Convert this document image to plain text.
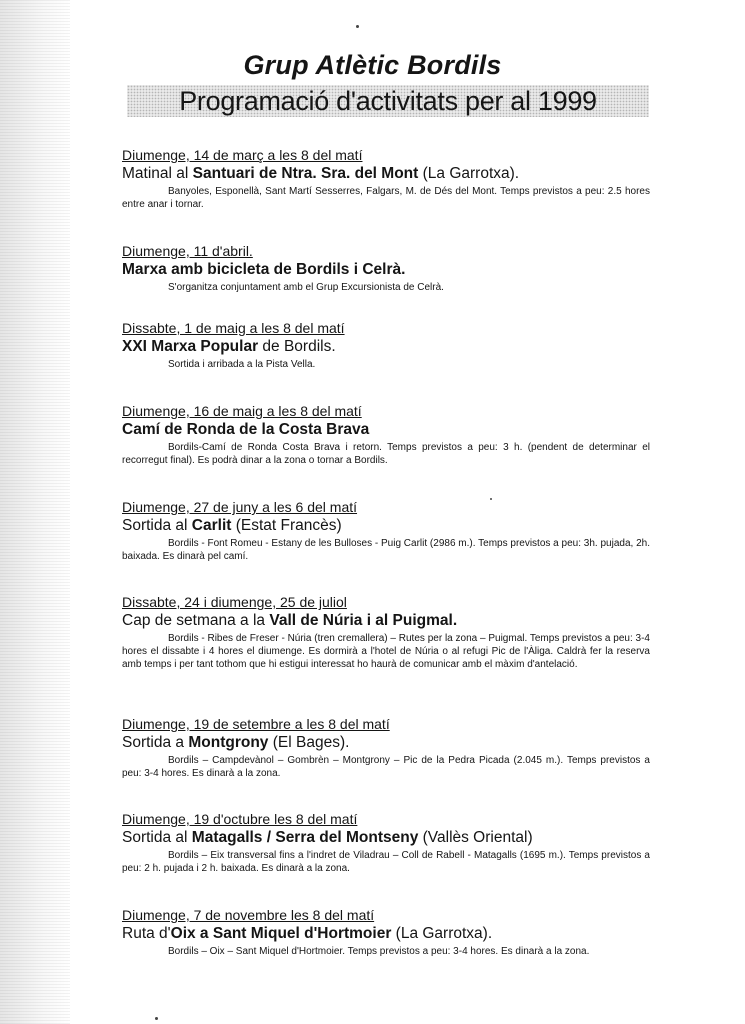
Grup Atlètic Bordils
Programació d'activitats per al 1999
Diumenge, 14 de març a les 8 del matí
Matinal al Santuari de Ntra. Sra. del Mont (La Garrotxa).
Banyoles, Esponellà, Sant Martí Sesserres, Falgars, M. de Dés del Mont. Temps previstos a peu: 2.5 hores entre anar i tornar.
Diumenge, 11 d'abril.
Marxa amb bicicleta de Bordils i Celrà.
S'organitza conjuntament amb el Grup Excursionista de Celrà.
Dissabte, 1 de maig a les 8 del matí
XXI Marxa Popular de Bordils.
Sortida i arribada a la Pista Vella.
Diumenge, 16 de maig a les 8 del matí
Camí de Ronda de la Costa Brava
Bordils-Camí de Ronda Costa Brava i retorn. Temps previstos a peu: 3 h. (pendent de determinar el recorregut final). Es podrà dinar a la zona o tornar a Bordils.
Diumenge, 27 de juny a les 6 del matí
Sortida al Carlit (Estat Francès)
Bordils - Font Romeu - Estany de les Bulloses - Puig Carlit (2986 m.). Temps previstos a peu: 3h. pujada, 2h. baixada. Es dinarà pel camí.
Dissabte, 24 i diumenge, 25 de juliol
Cap de setmana a la Vall de Núria i al Puigmal.
Bordils - Ribes de Freser - Núria (tren cremallera) – Rutes per la zona – Puigmal. Temps previstos a peu: 3-4 hores el dissabte i 4 hores el diumenge. Es dormirà a l'hotel de Núria o al refugi Pic de l'Àliga. Caldrà fer la reserva amb temps i per tant tothom que hi estigui interessat ho haurà de comunicar amb el màxim d'antelació.
Diumenge, 19 de setembre a les 8 del matí
Sortida a Montgrony (El Bages).
Bordils – Campdevànol – Gombrèn – Montgrony – Pic de la Pedra Picada (2.045 m.). Temps previstos a peu: 3-4 hores. Es dinarà a la zona.
Diumenge, 19 d'octubre les 8 del matí
Sortida al Matagalls / Serra del Montseny (Vallès Oriental)
Bordils – Eix transversal fins a l'indret de Viladrau – Coll de Rabell - Matagalls (1695 m.). Temps previstos a peu: 2 h. pujada i 2 h. baixada. Es dinarà a la zona.
Diumenge, 7 de novembre les 8 del matí
Ruta d'Oix a Sant Miquel d'Hortmoier (La Garrotxa).
Bordils – Oix – Sant Miquel d'Hortmoier. Temps previstos a peu: 3-4 hores. Es dinarà a la zona.
